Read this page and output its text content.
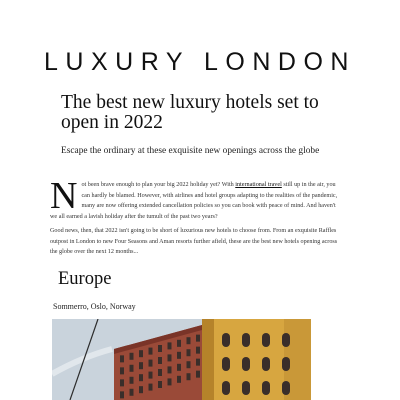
LUXURY LONDON
The best new luxury hotels set to open in 2022

Escape the ordinary at these exquisite new openings across the globe

Not been brave enough to plan your big 2022 holiday yet? With international travel still up in the air, you can hardly be blamed. However, with airlines and hotel groups adapting to the realities of the pandemic, many are now offering extended cancellation policies so you can book with peace of mind. And haven't we all earned a lavish holiday after the tumult of the past two years?

Good news, then, that 2022 isn't going to be short of luxurious new hotels to choose from. From an exquisite Raffles outpost in London to new Four Seasons and Aman resorts further afield, these are the best new hotels opening across the globe over the next 12 months...

Europe

Sommerro, Oslo, Norway
